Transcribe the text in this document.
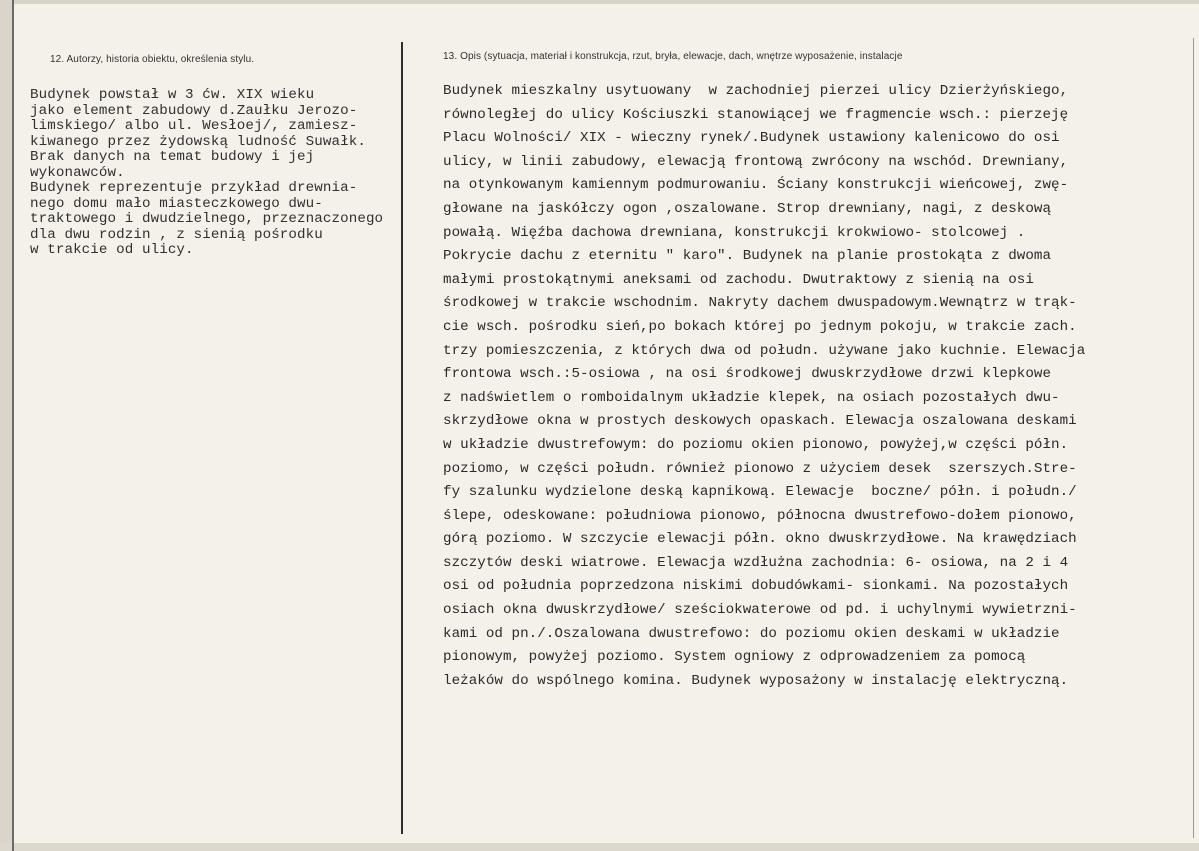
12. Autorzy, historia obiektu, określenia stylu.	13. Opis (sytuacja, materiał i konstrukcja, rzut, bryła, elewacje, dach, wnętrze wyposażenie, instalacje
Budynek powstał w 3 ćw. XIX wieku
jako element zabudowy d.Zaułku Jerozo-
limskiego/ albo ul. Wesłoej/, zamiesz-
kiwanego przez żydowską ludność Suwałk.
Brak danych na temat budowy i jej
wykonawców.
Budynek reprezentuje przykład drewnia-
nego domu mało miasteczkowego dwu-
traktowego i dwudzielnego, przeznaczonego
dla dwu rodzin , z sienią pośrodku
w trakcie od ulicy.
Budynek mieszkalny usytuowany  w zachodniej pierzei ulicy Dzierżyńskiego,
równoległej do ulicy Kościuszki stanowiącej we fragmencie wsch.: pierzeję
Placu Wolności/ XIX - wieczny rynek/.Budynek ustawiony kalenicowo do osi
ulicy, w linii zabudowy, elewacją frontową zwrócony na wschód. Drewniany,
na otynkowanym kamiennym podmurowaniu. Ściany konstrukcji wieńcowej, zwę-
głowane na jaskółczy ogon ,oszalowane. Strop drewniany, nagi, z deskową
powałą. Więźba dachowa drewniana, konstrukcji krokwiowo- stolcowej .
Pokrycie dachu z eternitu " karo". Budynek na planie prostokąta z dwoma
małymi prostokątnymi aneksami od zachodu. Dwutraktowy z sienią na osi
środkowej w trakcie wschodnim. Nakryty dachem dwuspadowym.Wewnątrz w trąk-
cie wsch. pośrodku sień,po bokach której po jednym pokoju, w trakcie zach.
trzy pomieszczenia, z których dwa od połudn. używane jako kuchnie. Elewacja
frontowa wsch.:5-osiowa , na osi środkowej dwuskrzydłowe drzwi klepkowe
z nadświetlem o romboidalnym układzie klepek, na osiach pozostałych dwu-
skrzydłowe okna w prostych deskowych opaskach. Elewacja oszalowana deskami
w układzie dwustrefowym: do poziomu okien pionowo, powyżej,w części półn.
poziomo, w części połudn. również pionowo z użyciem desek  szerszych.Stre-
fy szalunku wydzielone deską kapnikową. Elewacje  boczne/ półn. i połudn./
ślepe, odeskowane: południowa pionowo, północna dwustrefowo-dołem pionowo,
górą poziomo. W szczycie elewacji półn. okno dwuskrzydłowe. Na krawędziach
szczytów deski wiatrowe. Elewacja wzdłużna zachodnia: 6- osiowa, na 2 i 4
osi od południa poprzedzona niskimi dobudówkami- sionkami. Na pozostałych
osiach okna dwuskrzydłowe/ sześciokwaterowe od pd. i uchylnymi wywietrzni-
kami od pn./.Oszalowana dwustrefowo: do poziomu okien deskami w układzie
pionowym, powyżej poziomo. System ogniowy z odprowadzeniem za pomocą
leżaków do wspólnego komina. Budynek wyposażony w instalację elektryczną.
